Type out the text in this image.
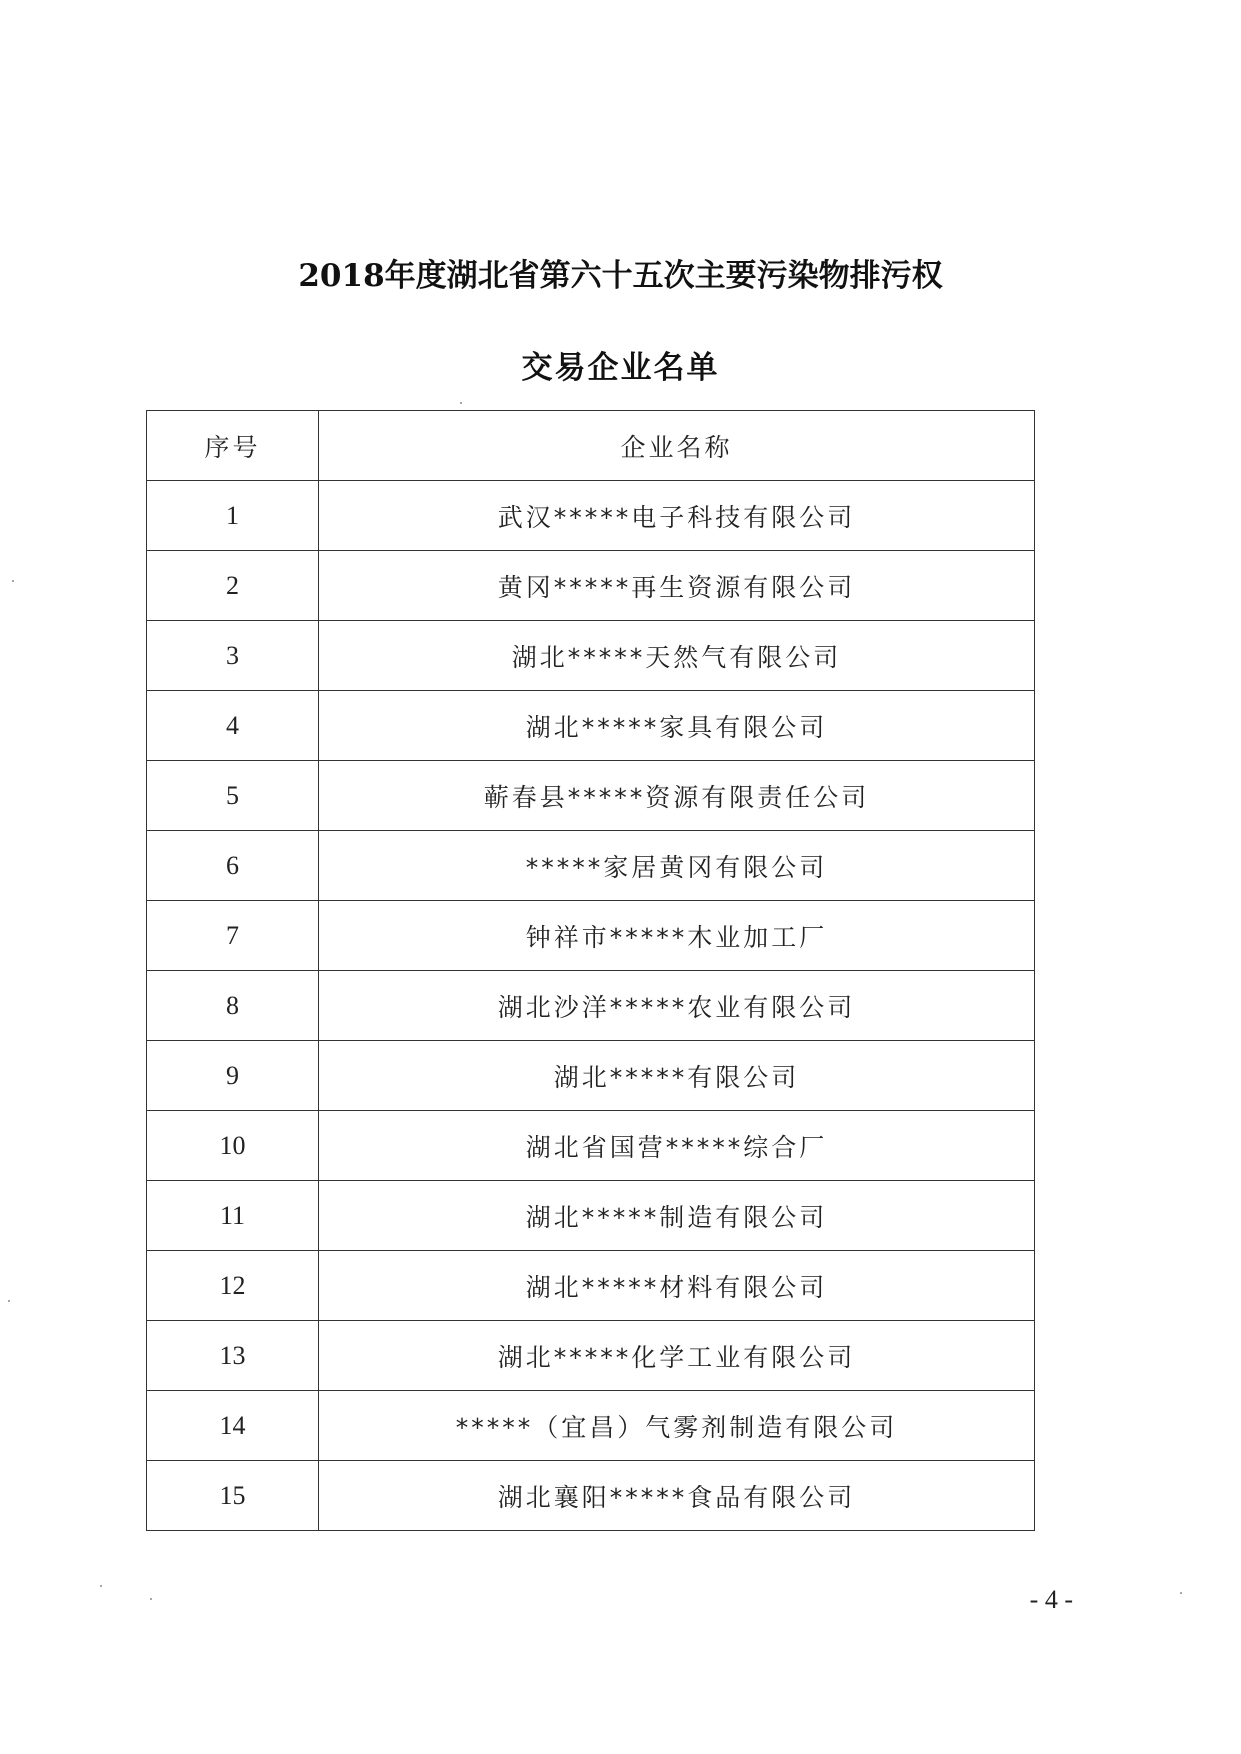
2018年度湖北省第六十五次主要污染物排污权
交易企业名单
序号	企业名称
1	武汉*****电子科技有限公司
2	黄冈*****再生资源有限公司
3	湖北*****天然气有限公司
4	湖北*****家具有限公司
5	蕲春县*****资源有限责任公司
6	*****家居黄冈有限公司
7	钟祥市*****木业加工厂
8	湖北沙洋*****农业有限公司
9	湖北*****有限公司
10	湖北省国营*****综合厂
11	湖北*****制造有限公司
12	湖北*****材料有限公司
13	湖北*****化学工业有限公司
14	*****（宜昌）气雾剂制造有限公司
15	湖北襄阳*****食品有限公司
- 4 -
